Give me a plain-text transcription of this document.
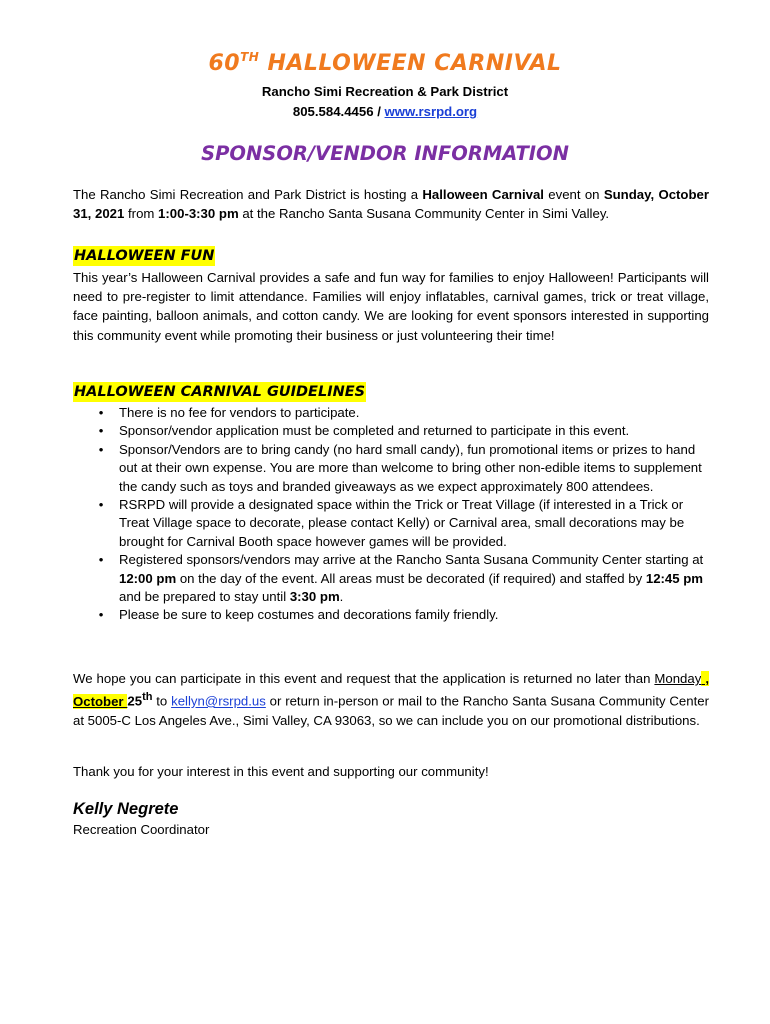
60TH HALLOWEEN CARNIVAL
Rancho Simi Recreation & Park District
805.584.4456 / www.rsrpd.org
SPONSOR/VENDOR INFORMATION
The Rancho Simi Recreation and Park District is hosting a Halloween Carnival event on Sunday, October 31, 2021 from 1:00-3:30 pm at the Rancho Santa Susana Community Center in Simi Valley.
HALLOWEEN FUN
This year’s Halloween Carnival provides a safe and fun way for families to enjoy Halloween! Participants will need to pre-register to limit attendance. Families will enjoy inflatables, carnival games, trick or treat village, face painting, balloon animals, and cotton candy. We are looking for event sponsors interested in supporting this community event while promoting their business or just volunteering their time!
HALLOWEEN CARNIVAL GUIDELINES
• There is no fee for vendors to participate.
• Sponsor/vendor application must be completed and returned to participate in this event.
• Sponsor/Vendors are to bring candy (no hard small candy), fun promotional items or prizes to hand out at their own expense. You are more than welcome to bring other non-edible items to supplement the candy such as toys and branded giveaways as we expect approximately 800 attendees.
• RSRPD will provide a designated space within the Trick or Treat Village (if interested in a Trick or Treat Village space to decorate, please contact Kelly) or Carnival area, small decorations may be brought for Carnival Booth space however games will be provided.
• Registered sponsors/vendors may arrive at the Rancho Santa Susana Community Center starting at 12:00 pm on the day of the event. All areas must be decorated (if required) and staffed by 12:45 pm and be prepared to stay until 3:30 pm.
• Please be sure to keep costumes and decorations family friendly.
We hope you can participate in this event and request that the application is returned no later than Monday , October 25th to kellyn@rsrpd.us or return in-person or mail to the Rancho Santa Susana Community Center at 5005-C Los Angeles Ave., Simi Valley, CA 93063, so we can include you on our promotional distributions.
Thank you for your interest in this event and supporting our community!
Kelly Negrete
Recreation Coordinator
